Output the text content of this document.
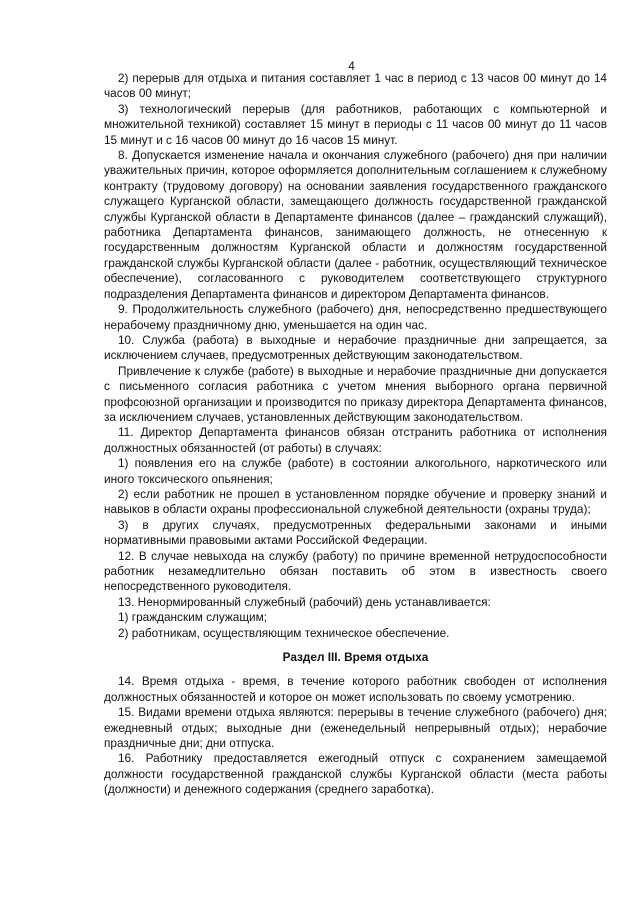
4

2) перерыв для отдыха и питания составляет 1 час в период с 13 часов 00 минут до 14 часов 00 минут;

3) технологический перерыв (для работников, работающих с компьютерной и множительной техникой) составляет 15 минут в периоды с 11 часов 00 минут до 11 часов 15 минут и с 16 часов 00 минут до 16 часов 15 минут.

8. Допускается изменение начала и окончания служебного (рабочего) дня при наличии уважительных причин, которое оформляется дополнительным соглашением к служебному контракту (трудовому договору) на основании заявления государственного гражданского служащего Курганской области, замещающего должность государственной гражданской службы Курганской области в Департаменте финансов (далее – гражданский служащий), работника Департамента финансов, занимающего должность, не отнесенную к государственным должностям Курганской области и должностям государственной гражданской службы Курганской области (далее - работник, осуществляющий техническое обеспечение), согласованного с руководителем соответствующего структурного подразделения Департамента финансов и директором Департамента финансов.

9. Продолжительность служебного (рабочего) дня, непосредственно предшествующего нерабочему праздничному дню, уменьшается на один час.

10. Служба (работа) в выходные и нерабочие праздничные дни запрещается, за исключением случаев, предусмотренных действующим законодательством.

Привлечение к службе (работе) в выходные и нерабочие праздничные дни допускается с письменного согласия работника с учетом мнения выборного органа первичной профсоюзной организации и производится по приказу директора Департамента финансов, за исключением случаев, установленных действующим законодательством.

11. Директор Департамента финансов обязан отстранить работника от исполнения должностных обязанностей (от работы) в случаях:

1) появления его на службе (работе) в состоянии алкогольного, наркотического или иного токсического опьянения;

2) если работник не прошел в установленном порядке обучение и проверку знаний и навыков в области охраны профессиональной служебной деятельности (охраны труда);

3) в других случаях, предусмотренных федеральными законами и иными нормативными правовыми актами Российской Федерации.

12. В случае невыхода на службу (работу) по причине временной нетрудоспособности работник незамедлительно обязан поставить об этом в известность своего непосредственного руководителя.

13. Ненормированный служебный (рабочий) день устанавливается:

1) гражданским служащим;

2) работникам, осуществляющим техническое обеспечение.

Раздел III. Время отдыха

14. Время отдыха - время, в течение которого работник свободен от исполнения должностных обязанностей и которое он может использовать по своему усмотрению.

15. Видами времени отдыха являются: перерывы в течение служебного (рабочего) дня; ежедневный отдых; выходные дни (еженедельный непрерывный отдых); нерабочие праздничные дни; дни отпуска.

16. Работнику предоставляется ежегодный отпуск с сохранением замещаемой должности государственной гражданской службы Курганской области (места работы (должности) и денежного содержания (среднего заработка).
